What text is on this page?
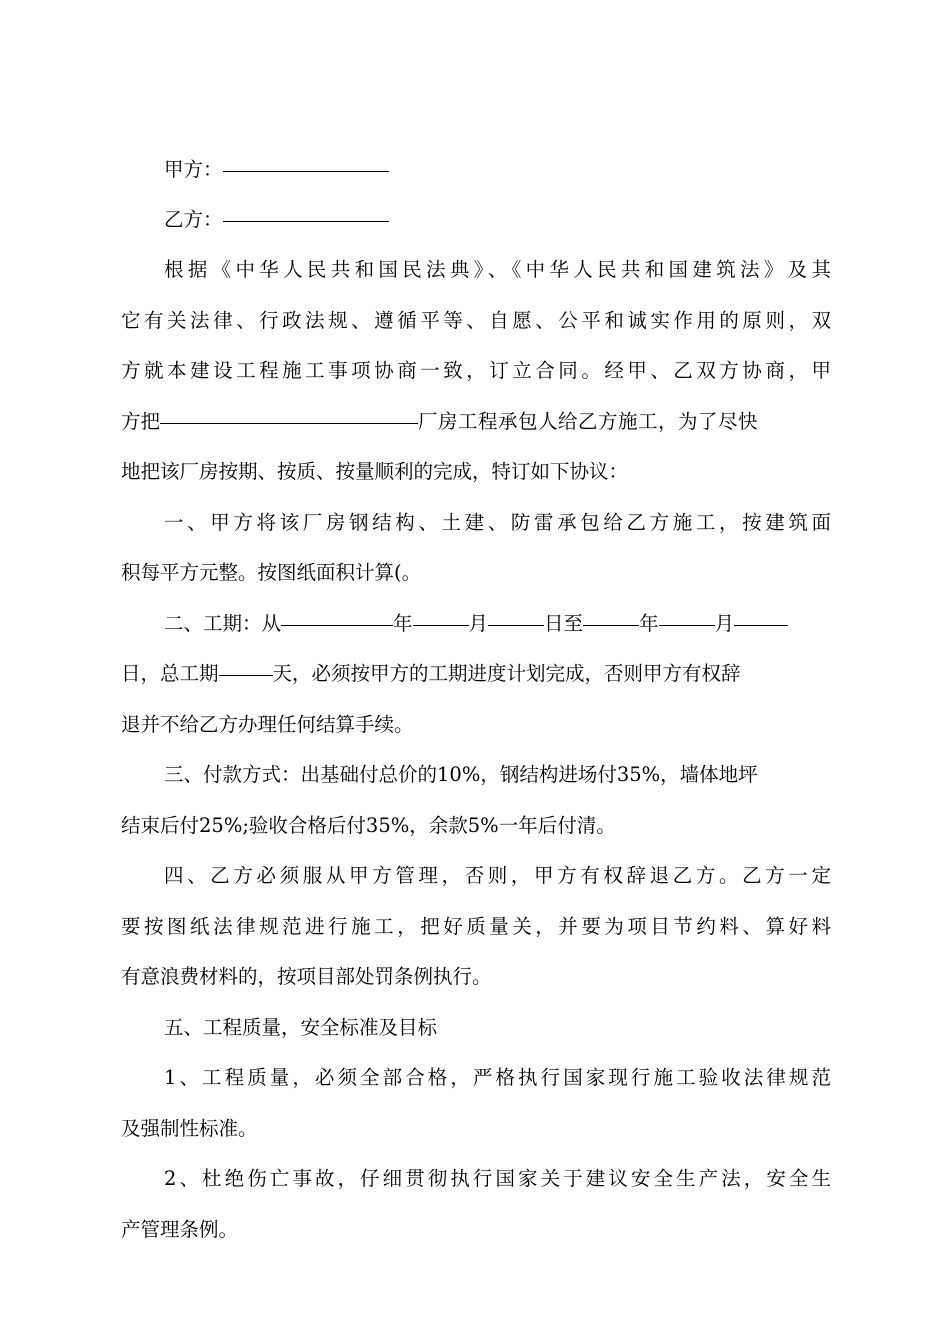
甲方：
乙方：
根据《中华人民共和国民法典》、《中华人民共和国建筑法》及其
它有关法律、行政法规、遵循平等、自愿、公平和诚实作用的原则，双
方就本建设工程施工事项协商一致，订立合同。经甲、乙双方协商，甲
方把	厂房工程承包人给乙方施工，为了尽快
地把该厂房按期、按质、按量顺利的完成，特订如下协议：
一、甲方将该厂房钢结构、土建、防雷承包给乙方施工，按建筑面
积每平方元整。按图纸面积计算(。
二、工期：从	年	月	日至	年	月
日，总工期	天，必须按甲方的工期进度计划完成，否则甲方有权辞
退并不给乙方办理任何结算手续。
三、付款方式：出基础付总价的10%，钢结构进场付35%，墙体地坪
结束后付25%;验收合格后付35%，余款5%一年后付清。
四、乙方必须服从甲方管理，否则，甲方有权辞退乙方。乙方一定
要按图纸法律规范进行施工，把好质量关，并要为项目节约料、算好料
有意浪费材料的，按项目部处罚条例执行。
五、工程质量，安全标准及目标
1、工程质量，必须全部合格，严格执行国家现行施工验收法律规范
及强制性标准。
2、杜绝伤亡事故，仔细贯彻执行国家关于建议安全生产法，安全生
产管理条例。
